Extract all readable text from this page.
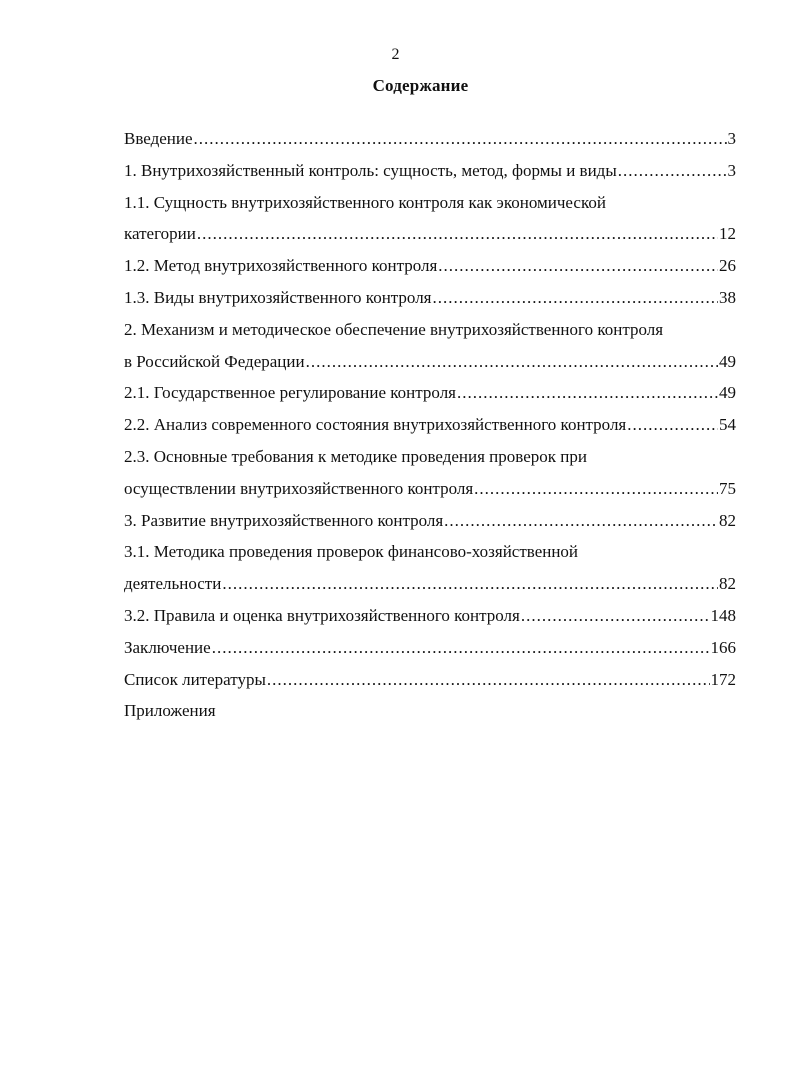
2
Содержание
Введение .....	3
1. Внутрихозяйственный контроль: сущность, метод, формы и виды .....	3
1.1. Сущность внутрихозяйственного контроля как экономической
категории .....	12
1.2. Метод внутрихозяйственного контроля .....	26
1.3. Виды внутрихозяйственного контроля .....	38
2. Механизм и методическое обеспечение внутрихозяйственного контроля
в Российской Федерации .....	49
2.1. Государственное регулирование контроля .....	49
2.2. Анализ современного состояния внутрихозяйственного контроля .....	54
2.3. Основные требования к методике проведения проверок при
осуществлении внутрихозяйственного контроля .....	75
3. Развитие внутрихозяйственного контроля .....	82
3.1. Методика проведения проверок финансово-хозяйственной
деятельности .....	82
3.2. Правила и оценка внутрихозяйственного контроля .....	148
Заключение .....	166
Список литературы .....	172
Приложения
